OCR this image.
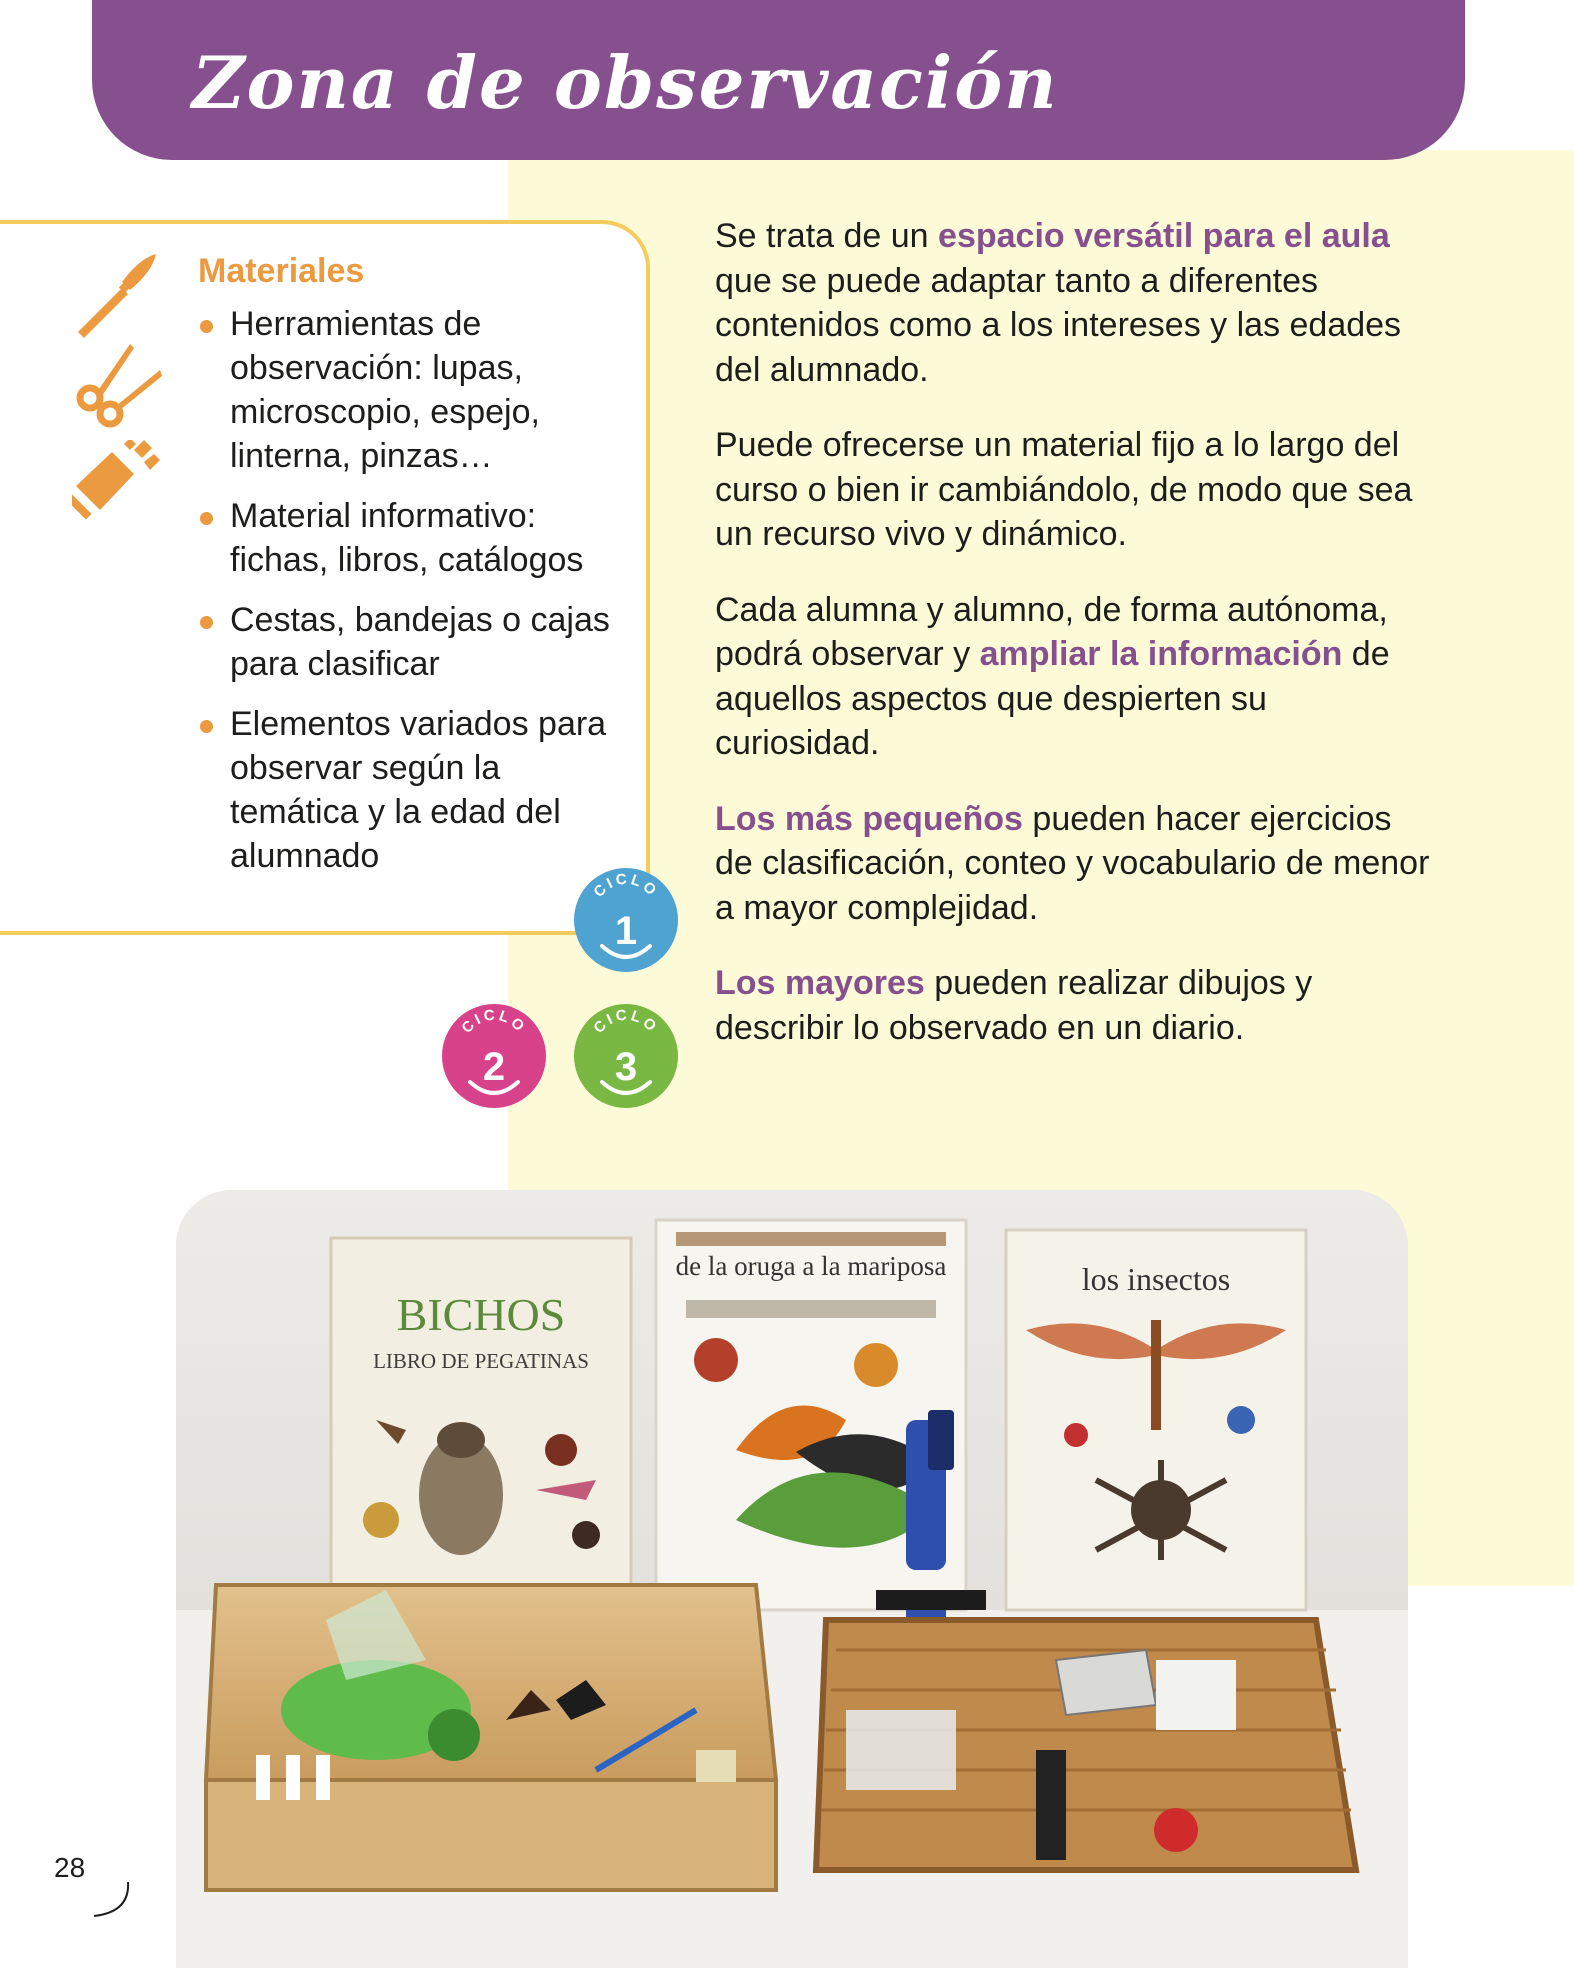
Zona de observación
Materiales
Herramientas de observación: lupas, microscopio, espejo, linterna, pinzas…
Material informativo: fichas, libros, catálogos
Cestas, bandejas o cajas para clasificar
Elementos variados para observar según la temática y la edad del alumnado

Se trata de un espacio versátil para el aula que se puede adaptar tanto a diferentes contenidos como a los intereses y las edades del alumnado.

Puede ofrecerse un material fijo a lo largo del curso o bien ir cambiándolo, de modo que sea un recurso vivo y dinámico.

Cada alumna y alumno, de forma autónoma, podrá observar y ampliar la información de aquellos aspectos que despierten su curiosidad.

Los más pequeños pueden hacer ejercicios de clasificación, conteo y vocabulario de menor a mayor complejidad.

Los mayores pueden realizar dibujos y describir lo observado en un diario.

CICLO
1
CICLO
2
CICLO
3
BICHOS
LIBRO DE PEGATINAS
de la oruga a la mariposa	los insectos
28
